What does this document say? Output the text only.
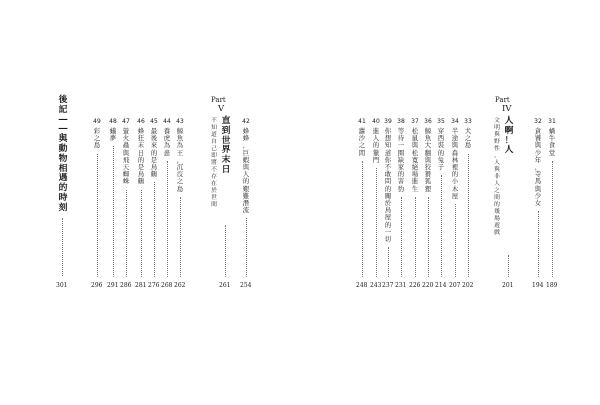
後
記
―
―
與
動
物
相
遇
的
時
刻
301
49
彩
之
島
296
48
蟻
夢
291
47
螢
火
蟲
與
飛
天
蜘
蛛
286
46
蜂
狂
末
日
的
是
鳥
鶴
281
45
最
後
來
的
是
鳥
鶴
276
44
養
虎
為
患
268
43
鯨
魚
為
王
，
沉
沒
之
島
262
42
蜂
蜂
，
巨
蝦
與
人
的
艱
難
潛
流
254
Part
V
直
到
世
界
末
日
不
知
道
自
己
即
將
不
存
在
於
世
間
261
41
蘿
沙
之
間
248
40
進
人
的
獵
門
243
39
你
想
知
道
你
不
敢
問
的
關
於
鳥
屋
的
一
切
237
38
等
待
一
圈
缺
家
的
害
豹
231
37
松
鼠
與
松
寬
絕
場
進
生
226
36
鯨
魚
大
翻
與
狡
猾
狐
狸
220
35
穿
西
裝
的
兔
子
214
34
半
途
與
森
林
裡
的
小
木
屋
207
33
犬
之
島
202
32
貪
饕
與
少
年
，
寺
馬
與
少
女
194
31
蝸
牛
食
堂
189
Part
IV
人
啊
！
人
文
明
與
野
性
，
人
與
非
人
之
間
的
幾
場
遊
戲
201
